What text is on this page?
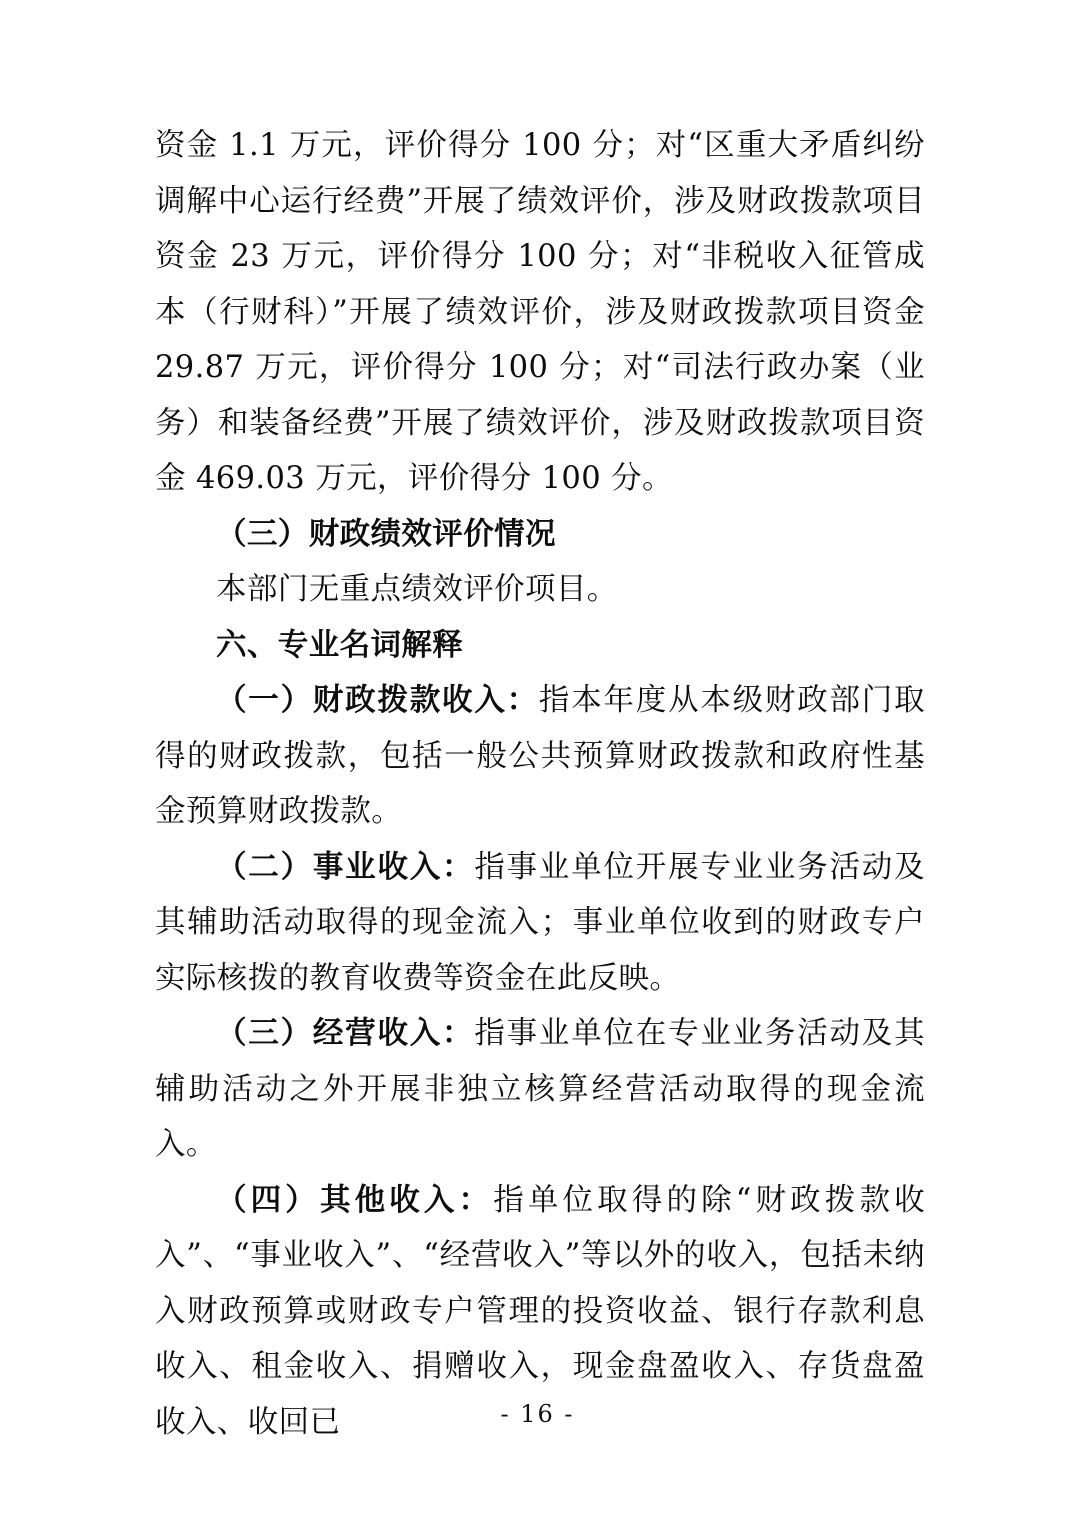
资金 1.1 万元，评价得分 100 分；对“区重大矛盾纠纷调解中心运行经费”开展了绩效评价，涉及财政拨款项目资金 23 万元，评价得分 100 分；对“非税收入征管成本（行财科）”开展了绩效评价，涉及财政拨款项目资金 29.87 万元，评价得分 100 分；对“司法行政办案（业务）和装备经费”开展了绩效评价，涉及财政拨款项目资金 469.03 万元，评价得分 100 分。

（三）财政绩效评价情况

本部门无重点绩效评价项目。

六、专业名词解释

（一）财政拨款收入：指本年度从本级财政部门取得的财政拨款，包括一般公共预算财政拨款和政府性基金预算财政拨款。

（二）事业收入：指事业单位开展专业业务活动及其辅助活动取得的现金流入；事业单位收到的财政专户实际核拨的教育收费等资金在此反映。

（三）经营收入：指事业单位在专业业务活动及其辅助活动之外开展非独立核算经营活动取得的现金流入。

（四）其他收入：指单位取得的除“财政拨款收入”、“事业收入”、“经营收入”等以外的收入，包括未纳入财政预算或财政专户管理的投资收益、银行存款利息收入、租金收入、捐赠收入，现金盘盈收入、存货盘盈收入、收回已	- 16 -
